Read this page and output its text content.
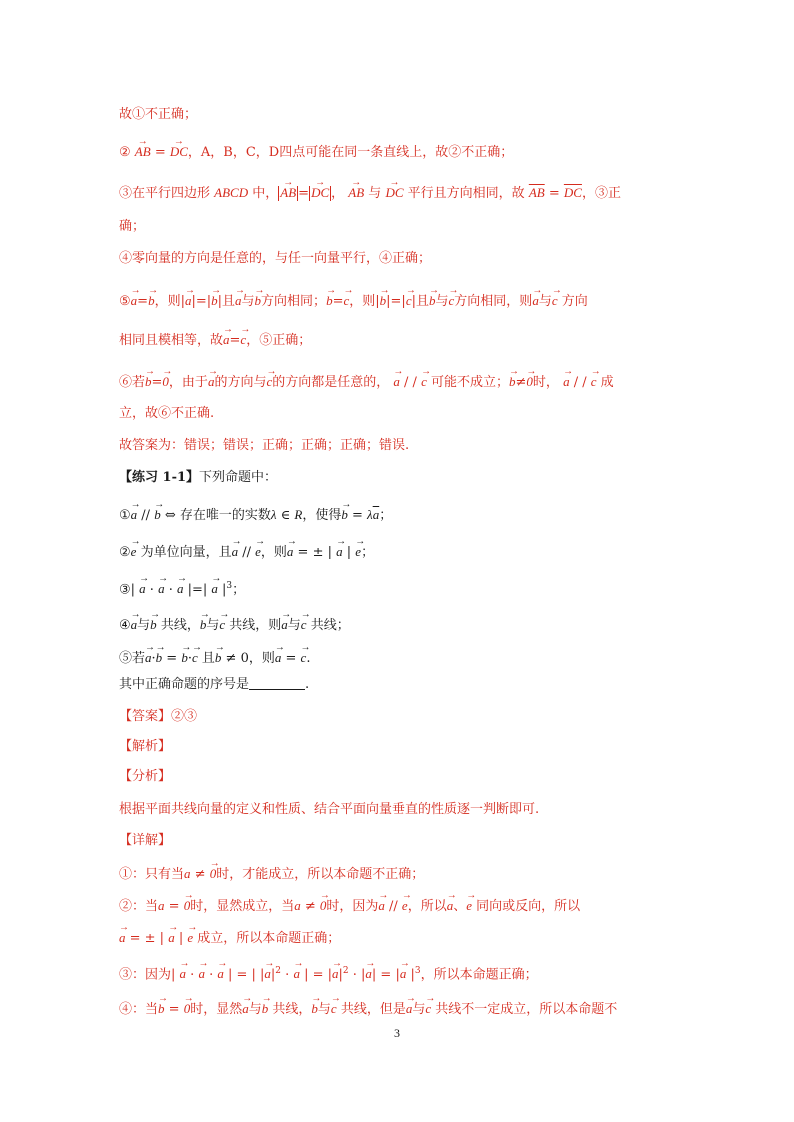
故①不正确；
② → AB = → DC，A，B，C，D四点可能在同一条直线上，故②不正确；
③在平行四边形 ABCD 中， → AB = → DC ， → AB 与 → DC 平行且方向相同，故 $\overline{AB} = \overline{DC}$，③正
确；
④零向量的方向是任意的，与任一向量平行，④正确；
⑤→ a=→ b，则|→ a|=|→ b|且→ a与→ b方向相同；→ b=→ c，则|→ b|=|→ c|且→ b与→ c方向相同，则→ a与→ c 方向
相同且模相等，故→ a=→ c，⑤正确；
⑥若→ b=→ 0，由于→ a的方向与→ c的方向都是任意的， → a / / → c 可能不成立；→ b≠→ 0时， → a / / → c 成
立，故⑥不正确.
故答案为：错误；错误；正确；正确；正确；错误.
【练习 1-1】下列命题中：
①→ a // → b ⇔ 存在唯一的实数λ ∈ R，使得→ $b = \lambda\overline{a}$；
②→ e 为单位向量，且→ a // → e，则→ a = ± | → a | → e；
③| → a · → a · → a |=| → a $|^3$；
④→ a与→ b 共线，→ b与→ c 共线，则→ a与→ c 共线；
⑤若→ a·→ b = → b·→ c 且→ b ≠ 0，则→ a = → c.
其中正确命题的序号是	.
【答案】②③
【解析】
【分析】
根据平面共线向量的定义和性质、结合平面向量垂直的性质逐一判断即可.
【详解】
①：只有当a ≠ → 0时，才能成立，所以本命题不正确；
②：当a = → 0时，显然成立，当a ≠ → 0时，因为→ a // → e，所以→ a、→ e 同向或反向，所以
→ a = ± | → a | → e 成立，所以本命题正确；
③：因为| → a · → a · → a | = | |→ $a|^2$ · → a | = |→ $a|^2$ · |→ a| = |→ a $|^3$，所以本命题正确；
④：当→ b = → 0时，显然→ a与→ b 共线，→ b与→ c 共线，但是→ a与→ c 共线不一定成立，所以本命题不
3
